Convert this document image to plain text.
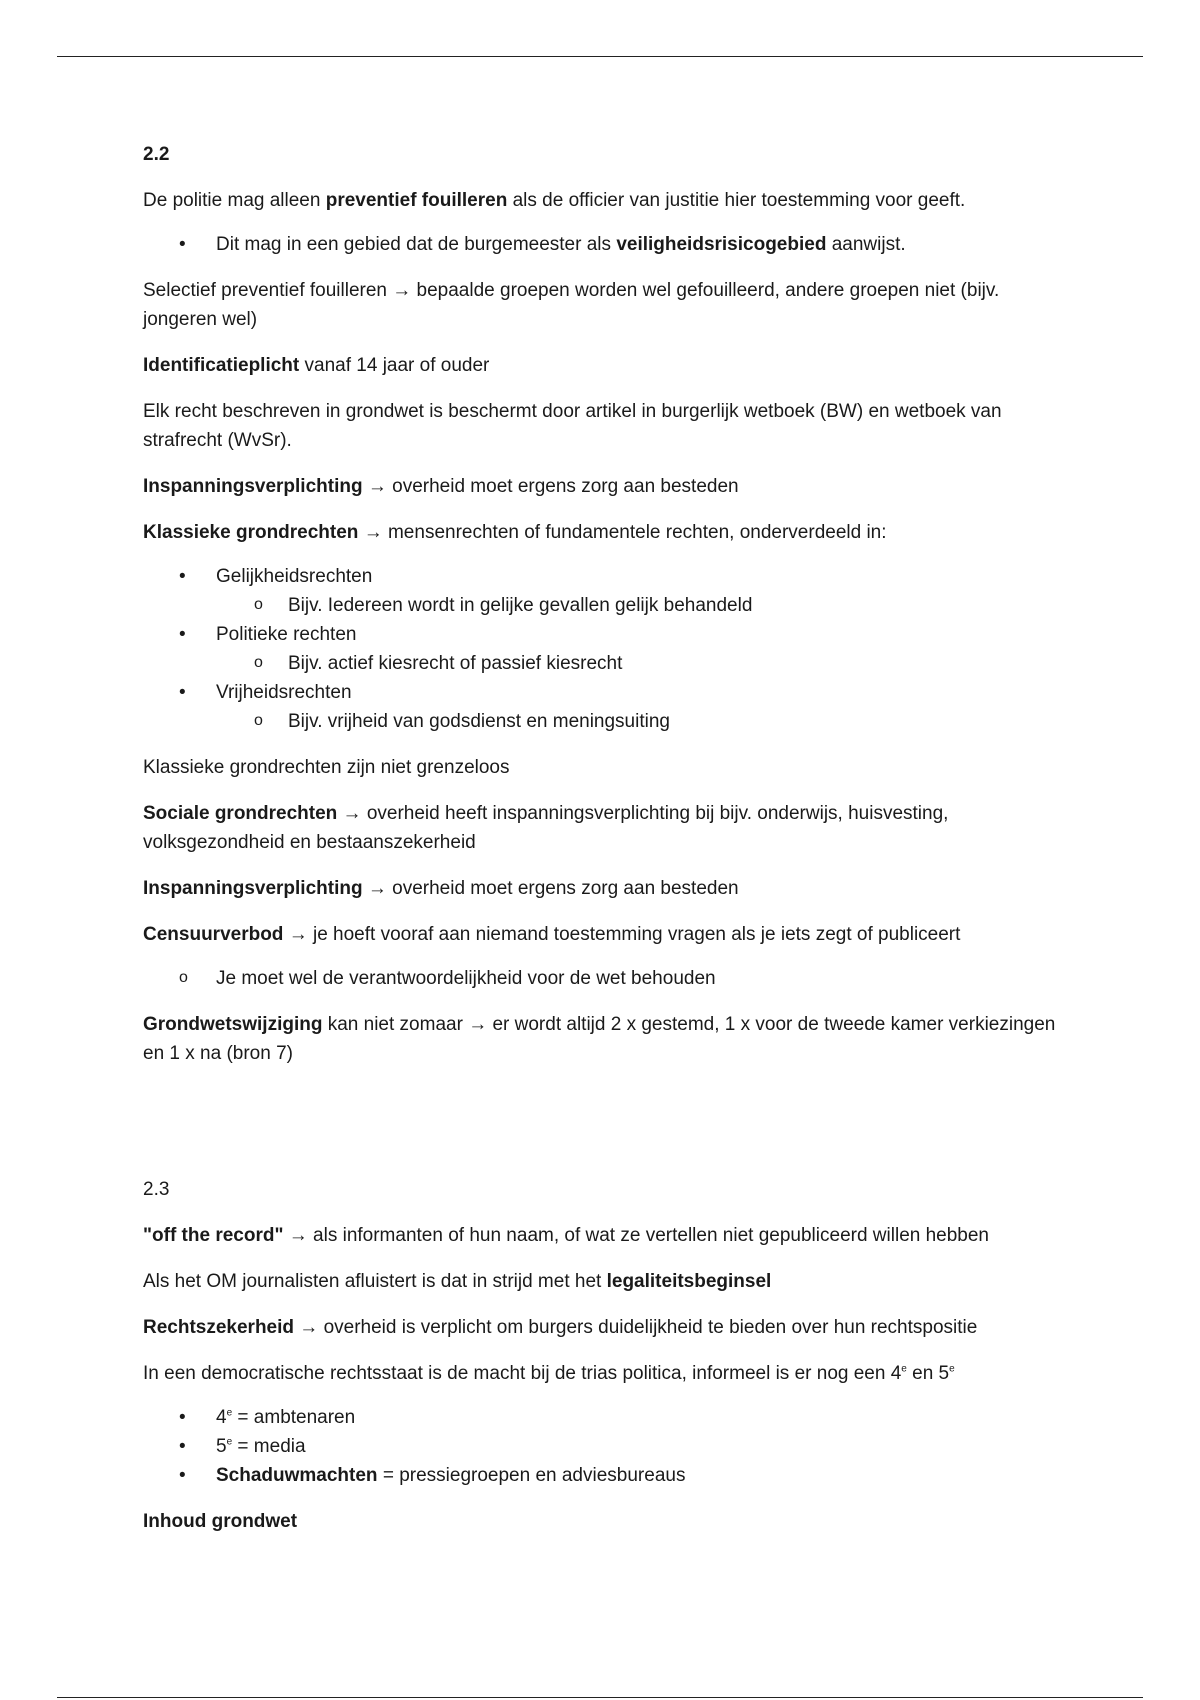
2.2

De politie mag alleen preventief fouilleren als de officier van justitie hier toestemming voor geeft.

• Dit mag in een gebied dat de burgemeester als veiligheidsrisicogebied aanwijst.

Selectief preventief fouilleren → bepaalde groepen worden wel gefouilleerd, andere groepen niet (bijv. jongeren wel)

Identificatieplicht vanaf 14 jaar of ouder

Elk recht beschreven in grondwet is beschermt door artikel in burgerlijk wetboek (BW) en wetboek van strafrecht (WvSr).

Inspanningsverplichting → overheid moet ergens zorg aan besteden

Klassieke grondrechten → mensenrechten of fundamentele rechten, onderverdeeld in:

• Gelijkheidsrechten
o Bijv. Iedereen wordt in gelijke gevallen gelijk behandeld
• Politieke rechten
o Bijv. actief kiesrecht of passief kiesrecht
• Vrijheidsrechten
o Bijv. vrijheid van godsdienst en meningsuiting

Klassieke grondrechten zijn niet grenzeloos

Sociale grondrechten → overheid heeft inspanningsverplichting bij bijv. onderwijs, huisvesting, volksgezondheid en bestaanszekerheid

Inspanningsverplichting → overheid moet ergens zorg aan besteden

Censuurverbod → je hoeft vooraf aan niemand toestemming vragen als je iets zegt of publiceert

o Je moet wel de verantwoordelijkheid voor de wet behouden

Grondwetswijziging kan niet zomaar → er wordt altijd 2 x gestemd, 1 x voor de tweede kamer verkiezingen en 1 x na (bron 7)

2.3

"off the record" → als informanten of hun naam, of wat ze vertellen niet gepubliceerd willen hebben

Als het OM journalisten afluistert is dat in strijd met het legaliteitsbeginsel

Rechtszekerheid → overheid is verplicht om burgers duidelijkheid te bieden over hun rechtspositie

In een democratische rechtsstaat is de macht bij de trias politica, informeel is er nog een 4e en 5e

• $4^e$ = ambtenaren
• $5^e$ = media
• Schaduwmachten = pressiegroepen en adviesbureaus

Inhoud grondwet
